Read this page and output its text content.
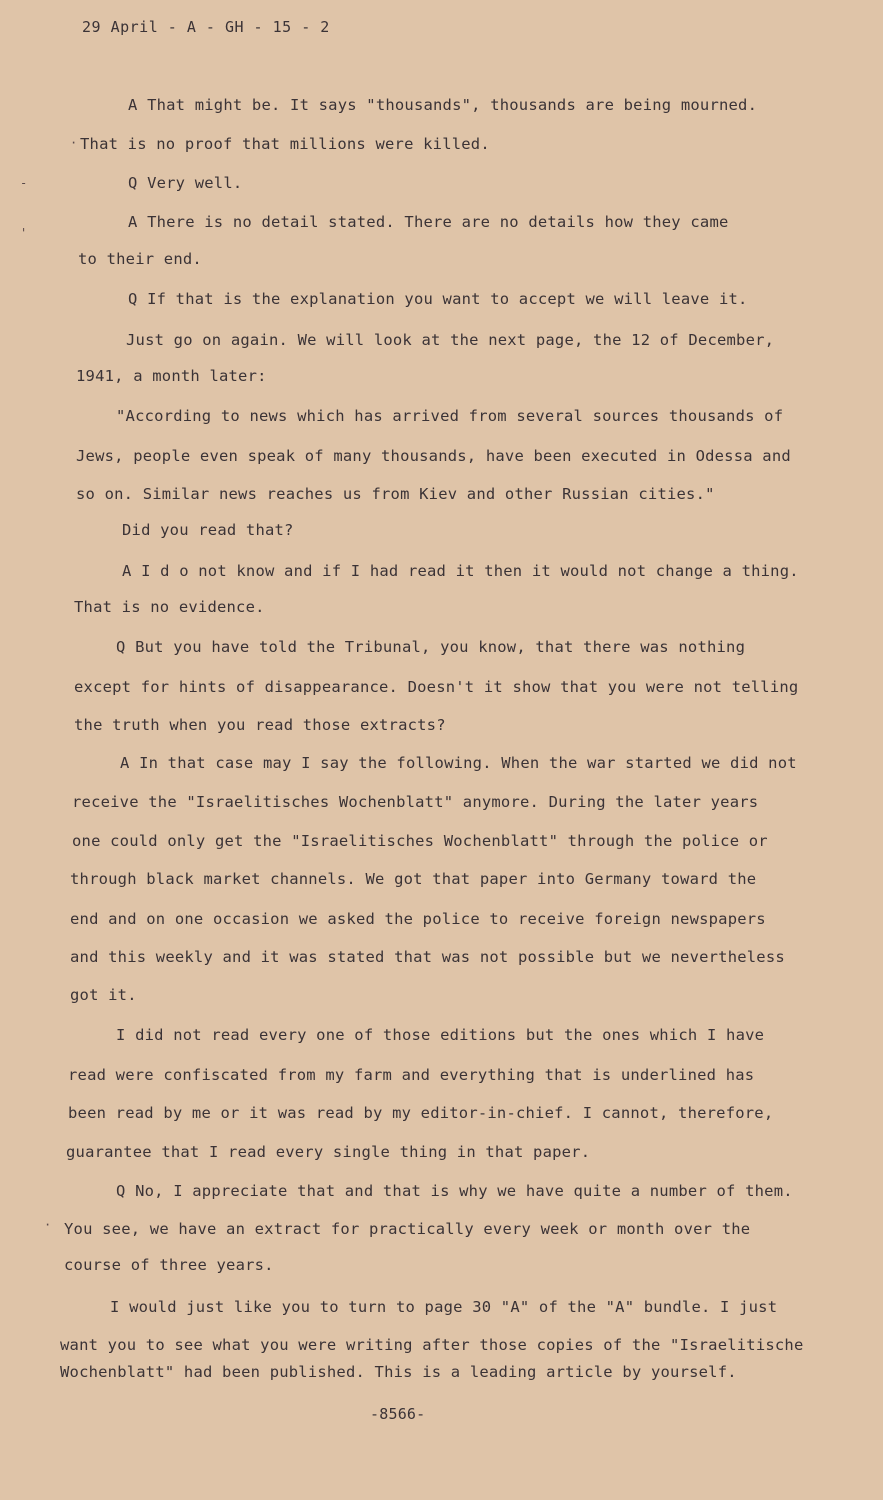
29 April - A - GH - 15 - 2
·
-
'
·
A That might be. It says "thousands", thousands are being mourned.
That is no proof that millions were killed.
Q Very well.
A There is no detail stated. There are no details how they came
to their end.
Q If that is the explanation you want to accept we will leave it.
Just go on again. We will look at the next page, the 12 of December,
1941, a month later:
"According to news which has arrived from several sources thousands of
Jews, people even speak of many thousands, have been executed in Odessa and
so on. Similar news reaches us from Kiev and other Russian cities."
Did you read that?
A I d o not know and if I had read it then it would not change a thing.
That is no evidence.
Q But you have told the Tribunal, you know, that there was nothing
except for hints of disappearance. Doesn't it show that you were not telling
the truth when you read those extracts?
A In that case may I say the following. When the war started we did not
receive the "Israelitisches Wochenblatt" anymore. During the later years
one could only get the "Israelitisches Wochenblatt" through the police or
through black market channels. We got that paper into Germany toward the
end and on one occasion we asked the police to receive foreign newspapers
and this weekly and it was stated that was not possible but we nevertheless
got it.
I did not read every one of those editions but the ones which I have
read were confiscated from my farm and everything that is underlined has
been read by me or it was read by my editor-in-chief. I cannot, therefore,
guarantee that I read every single thing in that paper.
Q No, I appreciate that and that is why we have quite a number of them.
You see, we have an extract for practically every week or month over the
course of three years.
I would just like you to turn to page 30 "A" of the "A" bundle. I just
want you to see what you were writing after those copies of the "Israelitische
Wochenblatt" had been published. This is a leading article by yourself.
-8566-
